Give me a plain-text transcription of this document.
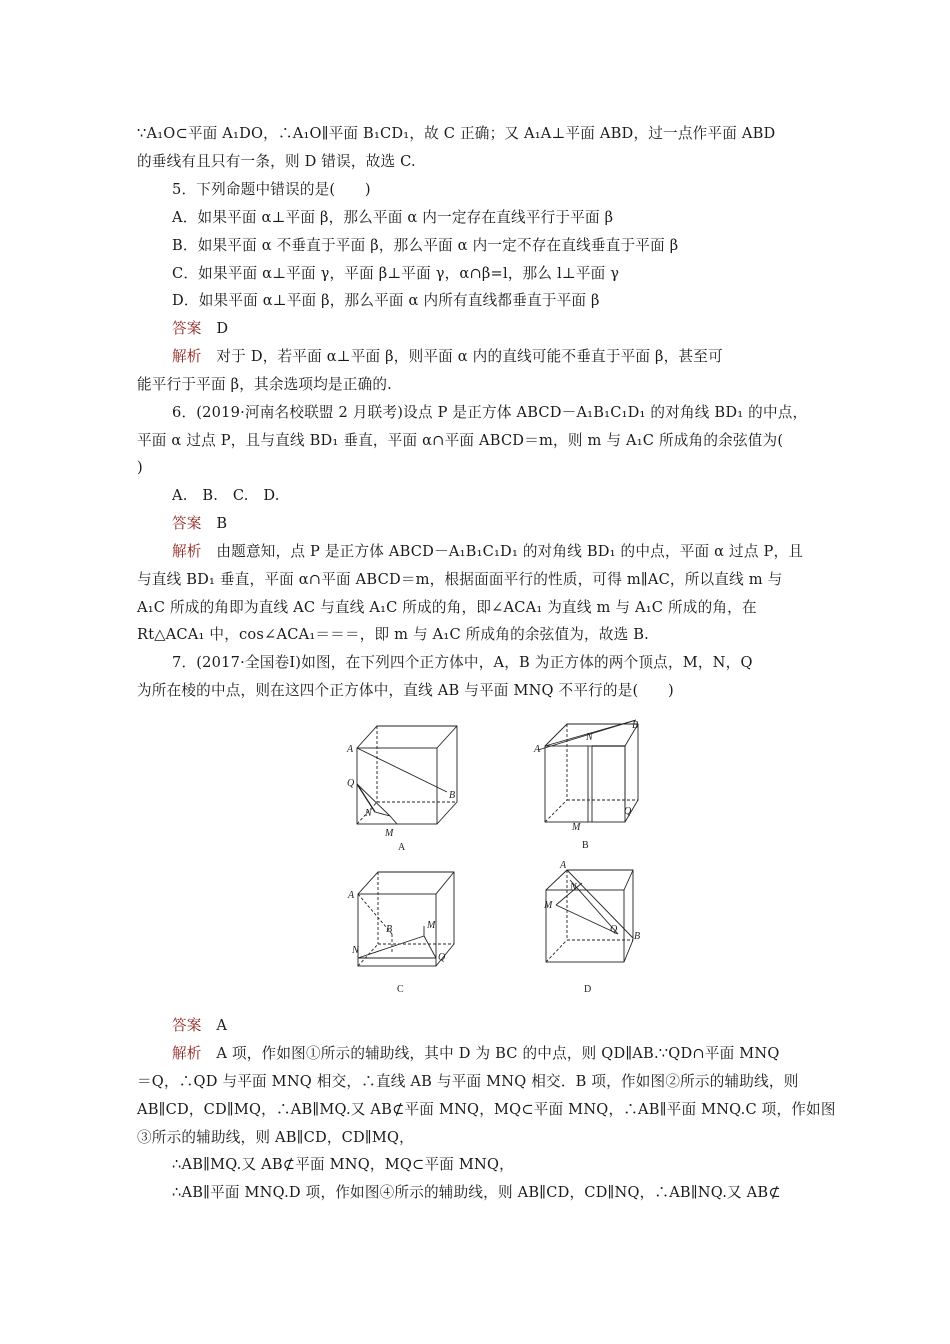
∵A₁O⊂平面 A₁DO，∴A₁O∥平面 B₁CD₁，故 C 正确；又 A₁A⊥平面 ABD，过一点作平面 ABD
的垂线有且只有一条，则 D 错误，故选 C.
5．下列命题中错误的是(　　)
A．如果平面 α⊥平面 β，那么平面 α 内一定存在直线平行于平面 β
B．如果平面 α 不垂直于平面 β，那么平面 α 内一定不存在直线垂直于平面 β
C．如果平面 α⊥平面 γ，平面 β⊥平面 γ，α∩β=l，那么 l⊥平面 γ
D．如果平面 α⊥平面 β，那么平面 α 内所有直线都垂直于平面 β
答案　 D
解析　 对于 D，若平面 α⊥平面 β，则平面 α 内的直线可能不垂直于平面 β，甚至可
能平行于平面 β，其余选项均是正确的.
6．(2019·河南名校联盟 2 月联考)设点 P 是正方体 ABCD－A₁B₁C₁D₁ 的对角线 BD₁ 的中点，
平面 α 过点 P，且与直线 BD₁ 垂直，平面 α∩平面 ABCD＝m，则 m 与 A₁C 所成角的余弦值为(
)
A.　B.　C.　D.
答案　 B
解析　 由题意知，点 P 是正方体 ABCD－A₁B₁C₁D₁ 的对角线 BD₁ 的中点，平面 α 过点 P，且
与直线 BD₁ 垂直，平面 α∩平面 ABCD＝m，根据面面平行的性质，可得 m∥AC，所以直线 m 与
A₁C 所成的角即为直线 AC 与直线 A₁C 所成的角，即∠ACA₁ 为直线 m 与 A₁C 所成的角，在
Rt△ACA₁ 中，cos∠ACA₁＝＝＝，即 m 与 A₁C 所成角的余弦值为，故选 B.
7．(2017·全国卷Ⅰ)如图，在下列四个正方体中，A，B 为正方体的两个顶点，M，N，Q
为所在棱的中点，则在这四个正方体中，直线 AB 与平面 MNQ 不平行的是(　　)
A
Q
N
M
B
A
A
N
B
Q
M
B
A
B	M
N
Q
C
A
N
M
Q
B
D
答案　 A
解析　 A 项，作如图①所示的辅助线，其中 D 为 BC 的中点，则 QD∥AB.∵QD∩平面 MNQ
＝Q，∴QD 与平面 MNQ 相交，∴直线 AB 与平面 MNQ 相交．B 项，作如图②所示的辅助线，则
AB∥CD，CD∥MQ，∴AB∥MQ.又 AB⊄平面 MNQ，MQ⊂平面 MNQ，∴AB∥平面 MNQ.C 项，作如图
③所示的辅助线，则 AB∥CD，CD∥MQ，
∴AB∥MQ.又 AB⊄平面 MNQ，MQ⊂平面 MNQ，
∴AB∥平面 MNQ.D 项，作如图④所示的辅助线，则 AB∥CD，CD∥NQ，∴AB∥NQ.又 AB⊄
